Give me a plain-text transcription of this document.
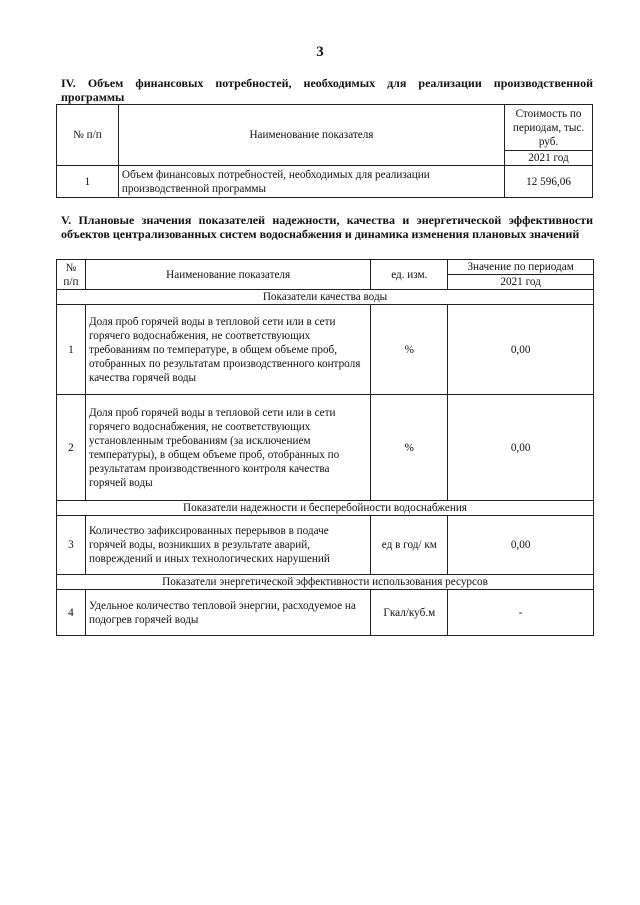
3
IV. Объем финансовых потребностей, необходимых для реализации производственной программы
№ п/п	Наименование показателя	Стоимость по периодам, тыс. руб.
		2021 год
1	Объем финансовых потребностей, необходимых для реализации производственной программы	12 596,06
V. Плановые значения показателей надежности, качества и энергетической эффективности объектов централизованных систем водоснабжения и динамика изменения плановых значений
№ п/п	Наименование показателя	ед. изм.	Значение по периодам
			2021 год
Показатели качества воды			
1	Доля проб горячей воды в тепловой сети или в сети горячего водоснабжения, не соответствующих требованиям по температуре, в общем объеме проб, отобранных по результатам производственного контроля качества горячей воды	%	0,00
2	Доля проб горячей воды в тепловой сети или в сети горячего водоснабжения, не соответствующих установленным требованиям (за исключением температуры), в общем объеме проб, отобранных по результатам производственного контроля качества горячей воды	%	0,00
Показатели надежности и бесперебойности водоснабжения			
3	Количество зафиксированных перерывов в подаче горячей воды, возникших в результате аварий, повреждений и иных технологических нарушений	ед в год/ км	0,00
Показатели энергетической эффективности использования ресурсов			
4	Удельное количество тепловой энергии, расходуемое на подогрев горячей воды	Гкал/куб.м	-
